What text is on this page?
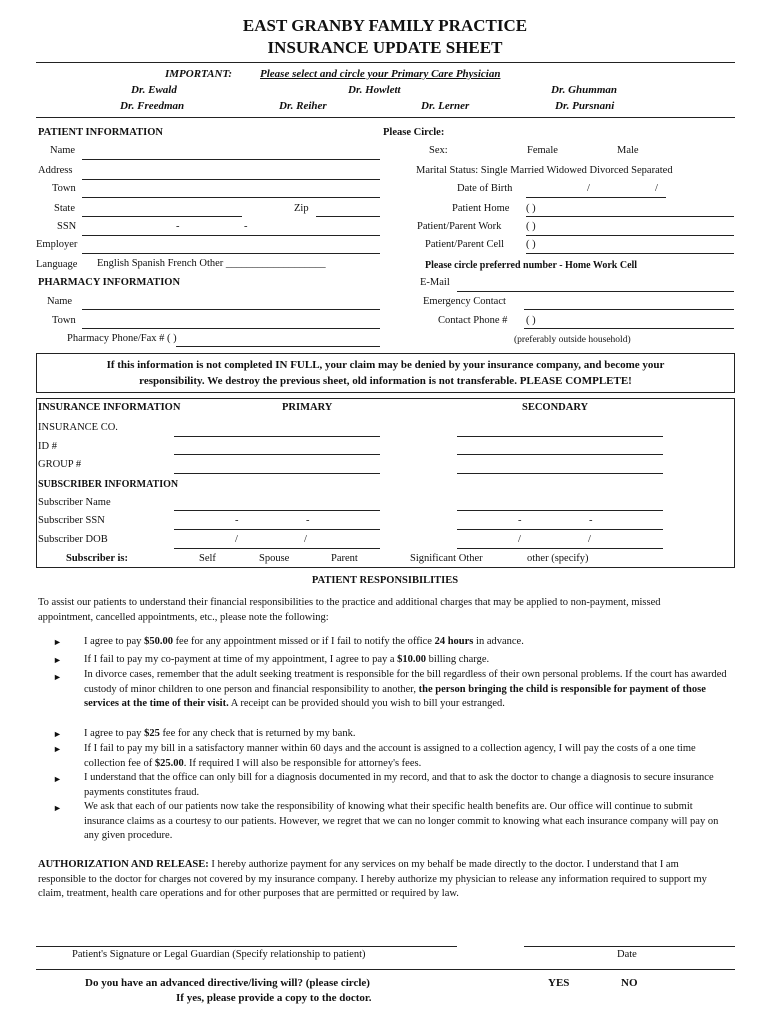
EAST GRANBY FAMILY PRACTICE
INSURANCE UPDATE SHEET
IMPORTANT:	Please select and circle your Primary Care Physician
Dr. Ewald	Dr. Howlett	Dr. Ghumman
Dr. Freedman	Dr. Reiher	Dr. Lerner	Dr. Pursnani
PATIENT INFORMATION
Name
Address
Town
State	Zip
SSN	-	-
Employer
Language English Spanish French Other ___________________
Please Circle:
Sex:	Female	Male
Marital Status: Single Married Widowed Divorced Separated
Date of Birth	/	/
Patient Home ( )
Patient/Parent Work ( )
Patient/Parent Cell ( )
Please circle preferred number - Home Work Cell
E-Mail
Emergency Contact
Contact Phone # ( )
(preferably outside household)
PHARMACY INFORMATION
Name
Town
Pharmacy Phone/Fax # ( )
If this information is not completed IN FULL, your claim may be denied by your insurance company, and become your
responsibility. We destroy the previous sheet, old information is not transferable. PLEASE COMPLETE!
INSURANCE INFORMATION	PRIMARY	SECONDARY
INSURANCE CO.
ID #
GROUP #
SUBSCRIBER INFORMATION
Subscriber Name
Subscriber SSN	-	-	-	-
Subscriber DOB	/	/	/	/
Subscriber is:	Self	Spouse	Parent	Significant Other	other (specify)
PATIENT RESPONSIBILITIES
To assist our patients to understand their financial responsibilities to the practice and additional charges that may be applied to non-payment, missed appointment, cancelled appointments, etc., please note the following:
► I agree to pay $50.00 fee for any appointment missed or if I fail to notify the office 24 hours in advance.
► If I fail to pay my co-payment at time of my appointment, I agree to pay a $10.00 billing charge.
► In divorce cases, remember that the adult seeking treatment is responsible for the bill regardless of their own personal problems. If the court has awarded custody of minor children to one person and financial responsibility to another, the person bringing the child is responsible for payment of those services at the time of their visit. A receipt can be provided should you wish to bill your estranged.
► I agree to pay $25 fee for any check that is returned by my bank.
► If I fail to pay my bill in a satisfactory manner within 60 days and the account is assigned to a collection agency, I will pay the costs of a one time collection fee of $25.00. If required I will also be responsible for attorney's fees.
► I understand that the office can only bill for a diagnosis documented in my record, and that to ask the doctor to change a diagnosis to secure insurance payments constitutes fraud.
► We ask that each of our patients now take the responsibility of knowing what their specific health benefits are. Our office will continue to submit insurance claims as a courtesy to our patients. However, we regret that we can no longer commit to knowing what each insurance company will pay on any given procedure.
AUTHORIZATION AND RELEASE: I hereby authorize payment for any services on my behalf be made directly to the doctor. I understand that I am responsible to the doctor for charges not covered by my insurance company. I hereby authorize my physician to release any information required to support my claim, treatment, health care operations and for other purposes that are permitted or required by law.
Patient's Signature or Legal Guardian (Specify relationship to patient)	Date
Do you have an advanced directive/living will? (please circle)
If yes, please provide a copy to the doctor.
YES	NO
